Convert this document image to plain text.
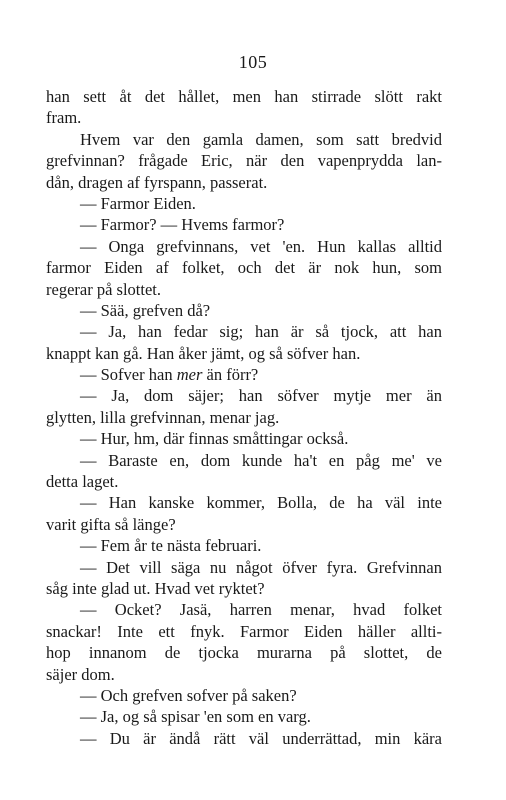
105
han sett åt det hållet, men han stirrade slött rakt
fram.
Hvem var den gamla damen, som satt bredvid
grefvinnan? frågade Eric, när den vapenprydda lan-
dån, dragen af fyrspann, passerat.
— Farmor Eiden.
— Farmor? — Hvems farmor?
— Onga grefvinnans, vet 'en. Hun kallas alltid
farmor Eiden af folket, och det är nok hun, som
regerar på slottet.
— Sää, grefven då?
— Ja, han fedar sig; han är så tjock, att han
knappt kan gå. Han åker jämt, og så söfver han.
— Sofver han mer än förr?
— Ja, dom säjer; han söfver mytje mer än
glytten, lilla grefvinnan, menar jag.
— Hur, hm, där finnas småttingar också.
— Baraste en, dom kunde ha't en påg me' ve
detta laget.
— Han kanske kommer, Bolla, de ha väl inte
varit gifta så länge?
— Fem år te nästa februari.
— Det vill säga nu något öfver fyra. Grefvinnan
såg inte glad ut. Hvad vet ryktet?
— Ocket? Jasä, harren menar, hvad folket
snackar! Inte ett fnyk. Farmor Eiden häller allti-
hop innanom de tjocka murarna på slottet, de
säjer dom.
— Och grefven sofver på saken?
— Ja, og så spisar 'en som en varg.
— Du är ändå rätt väl underrättad, min kära
